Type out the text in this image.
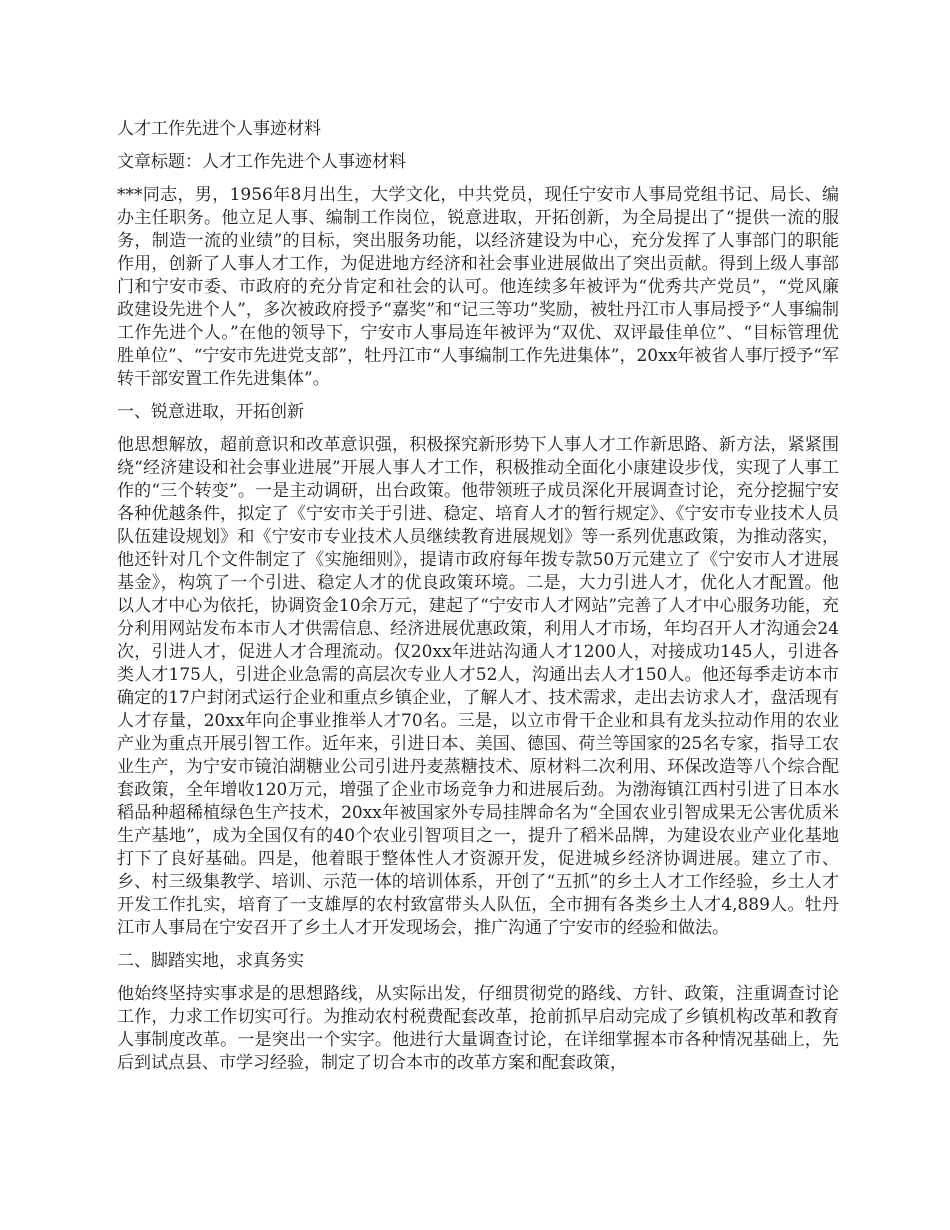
人才工作先进个人事迹材料
文章标题：人才工作先进个人事迹材料

***同志，男，1956年8月出生，大学文化，中共党员，现任宁安市人事局党组书记、局长、编办主任职务。他立足人事、编制工作岗位，锐意进取，开拓创新，为全局提出了“提供一流的服务，制造一流的业绩”的目标，突出服务功能，以经济建设为中心，充分发挥了人事部门的职能作用，创新了人事人才工作，为促进地方经济和社会事业进展做出了突出贡献。得到上级人事部门和宁安市委、市政府的充分肯定和社会的认可。他连续多年被评为“优秀共产党员”，“党风廉政建设先进个人”，多次被政府授予“嘉奖”和“记三等功”奖励，被牡丹江市人事局授予“人事编制工作先进个人。”在他的领导下，宁安市人事局连年被评为“双优、双评最佳单位”、“目标管理优胜单位”、“宁安市先进党支部”，牡丹江市“人事编制工作先进集体”，20xx年被省人事厅授予“军转干部安置工作先进集体”。

一、锐意进取，开拓创新

他思想解放，超前意识和改革意识强，积极探究新形势下人事人才工作新思路、新方法，紧紧围绕“经济建设和社会事业进展”开展人事人才工作，积极推动全面化小康建设步伐，实现了人事工作的“三个转变”。一是主动调研，出台政策。他带领班子成员深化开展调查讨论，充分挖掘宁安各种优越条件，拟定了《宁安市关于引进、稳定、培育人才的暂行规定》、《宁安市专业技术人员队伍建设规划》和《宁安市专业技术人员继续教育进展规划》等一系列优惠政策，为推动落实，他还针对几个文件制定了《实施细则》，提请市政府每年拨专款50万元建立了《宁安市人才进展基金》，构筑了一个引进、稳定人才的优良政策环境。二是，大力引进人才，优化人才配置。他以人才中心为依托，协调资金10余万元，建起了“宁安市人才网站”完善了人才中心服务功能，充分利用网站发布本市人才供需信息、经济进展优惠政策，利用人才市场，年均召开人才沟通会24次，引进人才，促进人才合理流动。仅20xx年进站沟通人才1200人，对接成功145人，引进各类人才175人，引进企业急需的高层次专业人才52人，沟通出去人才150人。他还每季走访本市确定的17户封闭式运行企业和重点乡镇企业，了解人才、技术需求，走出去访求人才，盘活现有人才存量，20xx年向企事业推举人才70名。三是，以立市骨干企业和具有龙头拉动作用的农业产业为重点开展引智工作。近年来，引进日本、美国、德国、荷兰等国家的25名专家，指导工农业生产，为宁安市镜泊湖糖业公司引进丹麦蒸糖技术、原材料二次利用、环保改造等八个综合配套政策，全年增收120万元，增强了企业市场竞争力和进展后劲。为渤海镇江西村引进了日本水稻品种超稀植绿色生产技术，20xx年被国家外专局挂牌命名为“全国农业引智成果无公害优质米生产基地”，成为全国仅有的40个农业引智项目之一，提升了稻米品牌，为建设农业产业化基地打下了良好基础。四是，他着眼于整体性人才资源开发，促进城乡经济协调进展。建立了市、乡、村三级集教学、培训、示范一体的培训体系，开创了“五抓”的乡土人才工作经验，乡土人才开发工作扎实，培育了一支雄厚的农村致富带头人队伍，全市拥有各类乡土人才4,889人。牡丹江市人事局在宁安召开了乡土人才开发现场会，推广沟通了宁安市的经验和做法。

二、脚踏实地，求真务实

他始终坚持实事求是的思想路线，从实际出发，仔细贯彻党的路线、方针、政策，注重调查讨论工作，力求工作切实可行。为推动农村税费配套改革，抢前抓早启动完成了乡镇机构改革和教育人事制度改革。一是突出一个实字。他进行大量调查讨论，在详细掌握本市各种情况基础上，先后到试点县、市学习经验，制定了切合本市的改革方案和配套政策，
